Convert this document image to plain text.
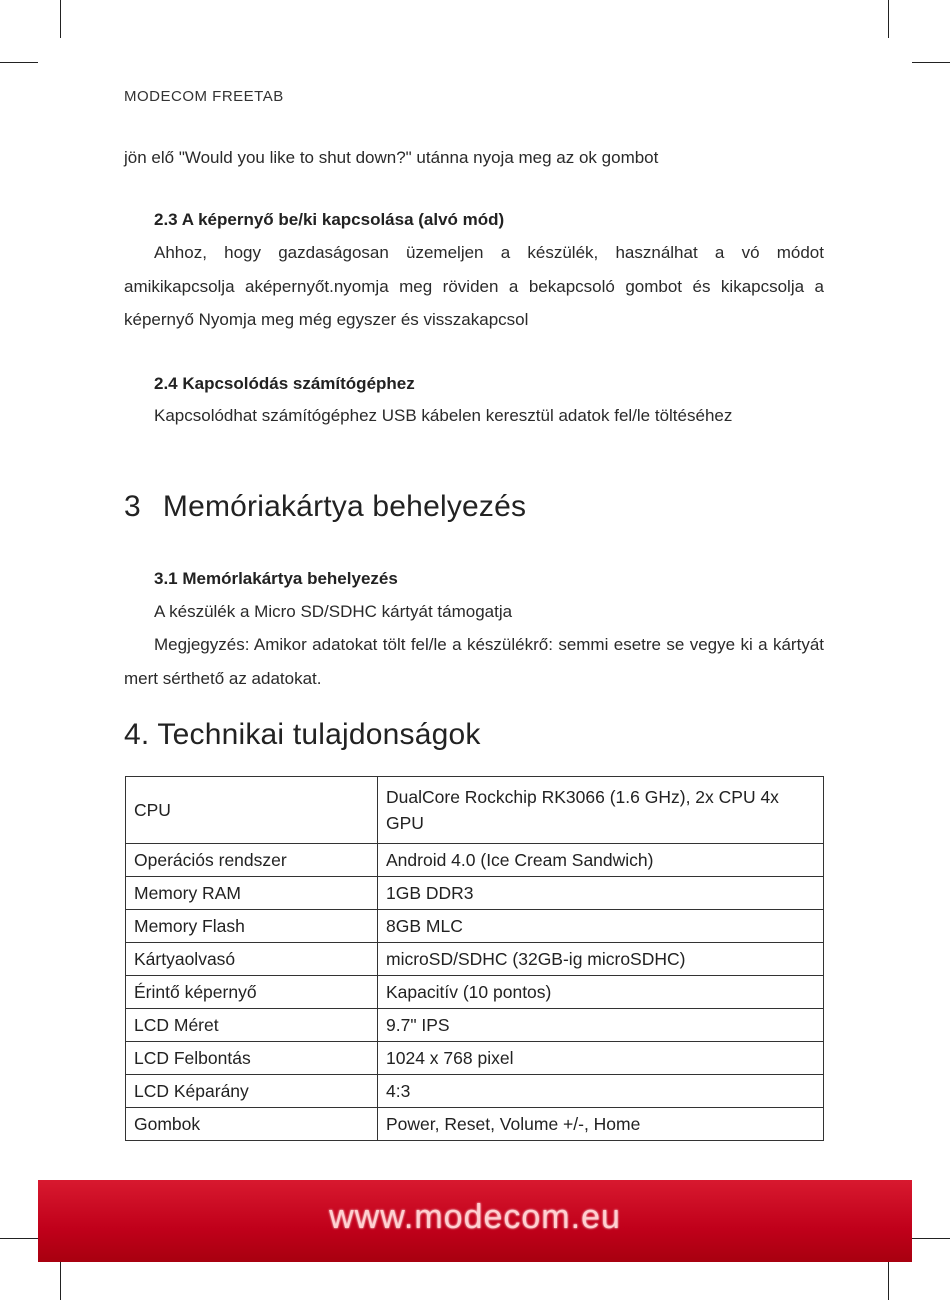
MODECOM FREETAB
jön elő "Would you like to shut down?" utánna nyoja meg az ok gombot
2.3 A képernyő be/ki kapcsolása (alvó mód)
Ahhoz, hogy gazdaságosan üzemeljen a készülék, használhat a vó módot amikikapcsolja aképernyőt.nyomja meg röviden a bekapcsoló gombot és kikapcsolja a képernyő Nyomja meg még egyszer és visszakapcsol
2.4 Kapcsolódás számítógéphez
Kapcsolódhat számítógéphez USB kábelen keresztül adatok fel/le töltéséhez
3 Memóriakártya behelyezés
3.1 Memórlakártya behelyezés
A készülék a Micro SD/SDHC kártyát támogatja
Megjegyzés: Amikor adatokat tölt fel/le a készülékrő: semmi esetre se vegye ki a kártyát mert sérthető az adatokat.
4. Technikai tulajdonságok
CPU	DualCore Rockchip RK3066 (1.6 GHz), 2x CPU 4x GPU
Operációs rendszer	Android 4.0 (Ice Cream Sandwich)
Memory RAM	1GB DDR3
Memory Flash	8GB MLC
Kártyaolvasó	microSD/SDHC (32GB-ig microSDHC)
Érintő képernyő	Kapacitív (10 pontos)
LCD Méret	9.7" IPS
LCD Felbontás	1024 x 768 pixel
LCD Képarány	4:3
Gombok	Power, Reset, Volume +/-, Home
www.modecom.eu
